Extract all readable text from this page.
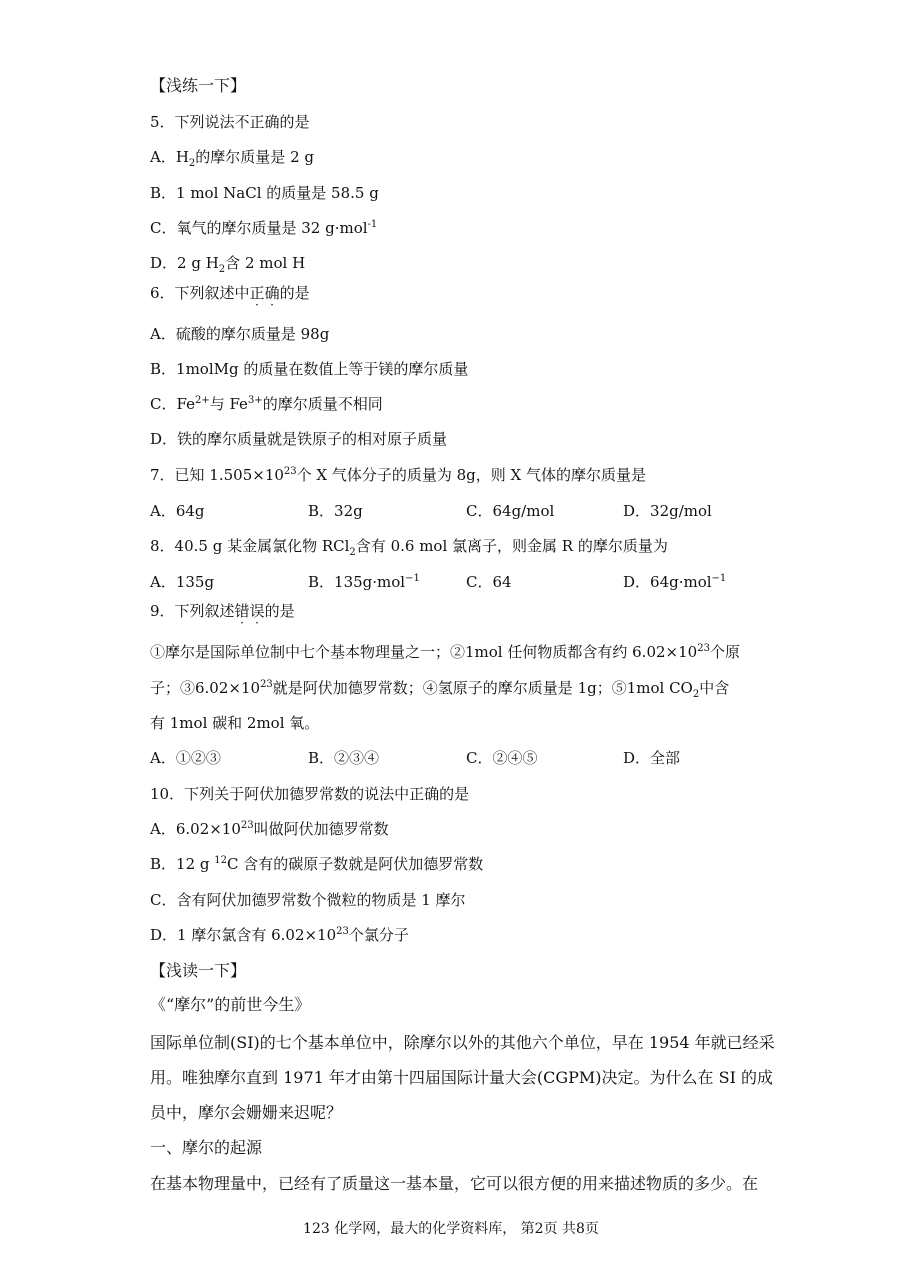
【浅练一下】
5．下列说法不正确的是
A．$H_2$的摩尔质量是 2 g
B．1 mol NaCl 的质量是 58.5 g
C．氧气的摩尔质量是 32 g·mol$^{-1}$
D．2 g $H_2$含 2 mol H
6．下列叙述中正确的是
A．硫酸的摩尔质量是 98g
B．1molMg 的质量在数值上等于镁的摩尔质量
C．$Fe^{2+}$与 $Fe^{3+}$的摩尔质量不相同
D．铁的摩尔质量就是铁原子的相对原子质量
7．已知 $1.505\times 10^{23}$个 X 气体分子的质量为 8g，则 X 气体的摩尔质量是
A．64g	B．32g	C．64g/mol	D．32g/mol
8．40.5 g 某金属氯化物 RCl$_2$含有 0.6 mol 氯离子，则金属 R 的摩尔质量为
A．135g	B．135g·mol$^{-1}$	C．64	D．64g·mol$^{-1}$
9．下列叙述错误的是
①摩尔是国际单位制中七个基本物理量之一；②1mol 任何物质都含有约 $6.02\times 10^{23}$个原
子；$③6.02\times 10^{23}$就是阿伏加德罗常数；④氢原子的摩尔质量是 1g；⑤1mol $CO_2$中含
有 1mol 碳和 2mol 氧。
A．①②③	B．②③④	C．②④⑤	D．全部
10．下列关于阿伏加德罗常数的说法中正确的是
A．$6.02\times 10^{23}$叫做阿伏加德罗常数
B．12 g $^{12}$C 含有的碳原子数就是阿伏加德罗常数
C．含有阿伏加德罗常数个微粒的物质是 1 摩尔
D．1 摩尔氯含有 $6.02\times 10^{23}$个氯分子
【浅读一下】
《“摩尔”的前世今生》
国际单位制(SI)的七个基本单位中，除摩尔以外的其他六个单位，早在 1954 年就已经采
用。唯独摩尔直到 1971 年才由第十四届国际计量大会(CGPM)决定。为什么在 SI 的成
员中，摩尔会姗姗来迟呢？
一、摩尔的起源
在基本物理量中，已经有了质量这一基本量，它可以很方便的用来描述物质的多少。在
123 化学网，最大的化学资料库， 第2页 共8页
